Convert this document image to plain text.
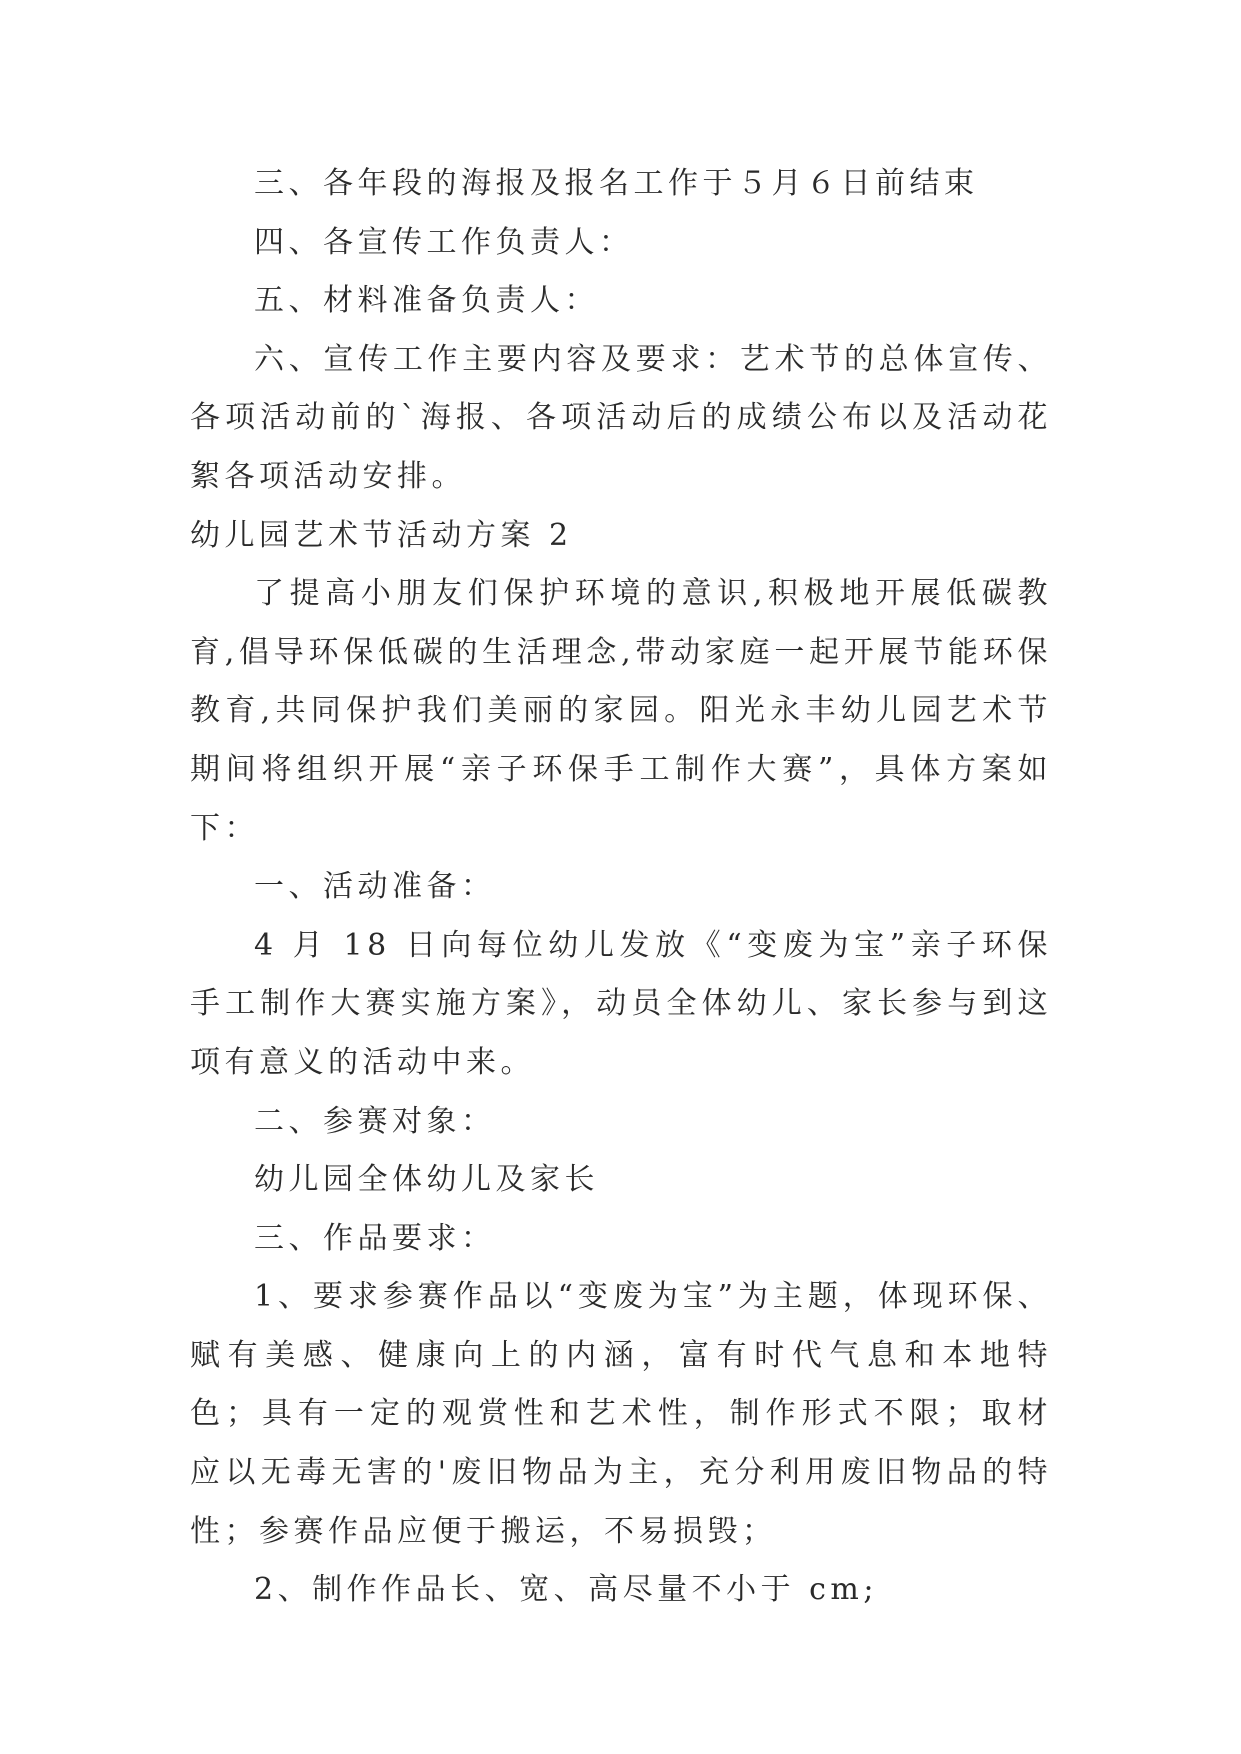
三、各年段的海报及报名工作于５月６日前结束

四、各宣传工作负责人：

五、材料准备负责人：

六、宣传工作主要内容及要求：艺术节的总体宣传、各项活动前的`海报、各项活动后的成绩公布以及活动花絮各项活动安排。

幼儿园艺术节活动方案 2

了提高小朋友们保护环境的意识,积极地开展低碳教育,倡导环保低碳的生活理念,带动家庭一起开展节能环保教育,共同保护我们美丽的家园。阳光永丰幼儿园艺术节期间将组织开展“亲子环保手工制作大赛”，具体方案如下：

一、活动准备：

4 月 18 日向每位幼儿发放《“变废为宝”亲子环保手工制作大赛实施方案》，动员全体幼儿、家长参与到这项有意义的活动中来。

二、参赛对象：

幼儿园全体幼儿及家长

三、作品要求：

1、要求参赛作品以“变废为宝”为主题，体现环保、赋有美感、健康向上的内涵，富有时代气息和本地特色；具有一定的观赏性和艺术性，制作形式不限；取材应以无毒无害的'废旧物品为主，充分利用废旧物品的特性；参赛作品应便于搬运，不易损毁；

2、制作作品长、宽、高尽量不小于 cm;
